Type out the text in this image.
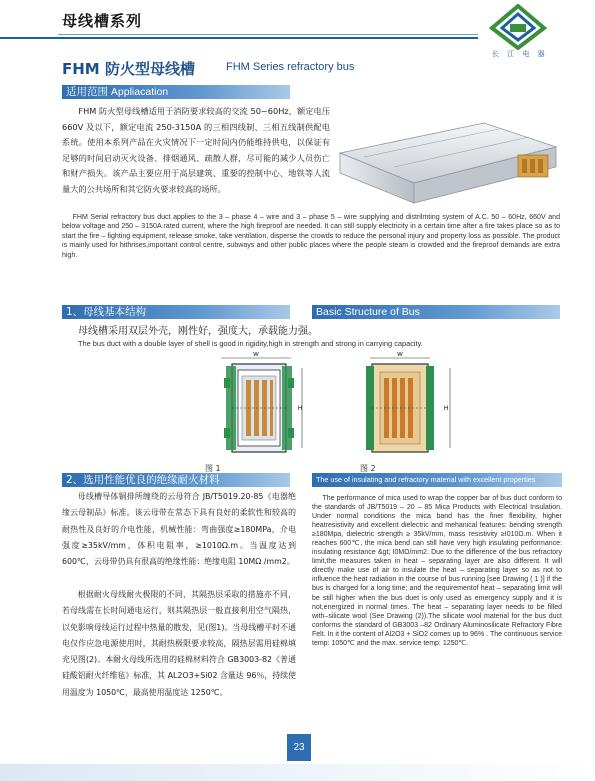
母线槽系列
长 江 电 器
FHM 防火型母线槽	FHM Series refractory bus
适用范围 Appliacation
FHM 防火型母线槽适用于消防要求较高的交流 50~60Hz，额定电压 660V 及以下，额定电流 250-3150A 的三相四线制、三相五线制供配电系统。使用本系列产品在火灾情况下一定时间内仍能维持供电，以保证有足够的时间启动灭火设备、排烟通风、疏散人群，尽可能的减少人员伤亡和财产损失。该产品主要应用于高层建筑、重要的控制中心、地铁等人流量大的公共场所和其它防火要求较高的场所。
FHM Serial refractory bus duct applies to the 3 – phase 4 – wire and 3 – phase 5 – wire supplying and distrilmting system of A.C. 50 – 60Hz, 660V and below voltage and 250 – 3150A rated current, where the high fireproof are needed. It can still supply electricity in a certain time after a fire takes place so as to start the fire – fighting equipment, release smoke, take ventilation, disperse the crowds to reduce the personal injury and property loss as possible. The product is mainly used for hithrises,important control centre, subways and other public places where the people steam is crowded and the fireproof demands are extra high.
1、母线基本结构	Basic Structure of Bus
母线槽采用双层外壳，刚性好，强度大，承载能力强。
The bus duct with a double layer of shell is good in rigidity,high in strength and strong in carrying capacity.
W
H
图 1
W
H
图 2
2、选用性能优良的绝缘耐火材料	The use of insulating and refractory material with excellent properties
母线槽导体铜排所缠绕的云母符合 JB/T5019.20-85《电器绝缘云母制品》标准。该云母带在常态下具有良好的柔软性和较高的耐热性及良好的介电性能，机械性能：弯曲强度≥180MPa，介电强度≥35kV/mm，体积电阻率，≥1010Ω.m。当温度达到 600℃，云母带仍具有很高的绝缘性能：绝缘电阻 10MΩ /mm2。
根据耐火母线耐火极限的不同，其隔热层采取的措施亦不同，若母线需在长时间通电运行，则其隔热层一般直接利用空气隔热，以免影响母线运行过程中热量的散发，见(图1)。当母线槽平时不通电仅作应急电源使用时，其耐热极限要求较高，隔热层需用硅棉填充见图(2)。本耐火母线所选用的硅棉材料符合 GB3003-82《普通硅酸铝耐火纤维毡》标准，其 AL2O3+Si02 含量达 96％，持续使用温度为 1050℃，最高使用温度达 1250℃。
The performance of mica used to wrap the copper bar of bus duct conform to the standards of JB/T5019 – 20 – 85 Mica Products with Electrical Insulation. Under normal conditions the mica band has the finer flexibility, higher heatresistivity and excellent dielectric and mehanical features: bending strength ≥180Mpa, dielectric strength ≥ 35kV/mm, mass resistivity ≥I010Ω.m. When it reaches 600℃, the mica bend can still have very high insulating performance: insulating resistance &gt; I0MΩ/mm2. Due to the difference of the bus refractory limit,the measures taken in heat – separating layer are also different. It will directly make use of air to insulate the heat – separating layer so as not to influence the heat radiation in the course of bus running [see Drawing ( 1 )] if the bus is charged for a long time; and the requirementof heat – separating limit will be still higher when the bus duet is only used as emergency supply and it is not,energized in normal times. The heat – separating layer needs to be filled with–silicate wool (See Drawing (2)).The silicate wool material for the bus duct conforms the standard of GB3003 –82 Ordinary Aluminosilicate Refractory Fibre Felt. In it the content of Al2O3 + SiO2 comes up to 96% . The continuous service temp: 1050℃ and the max. service temp: 1250℃.
23
